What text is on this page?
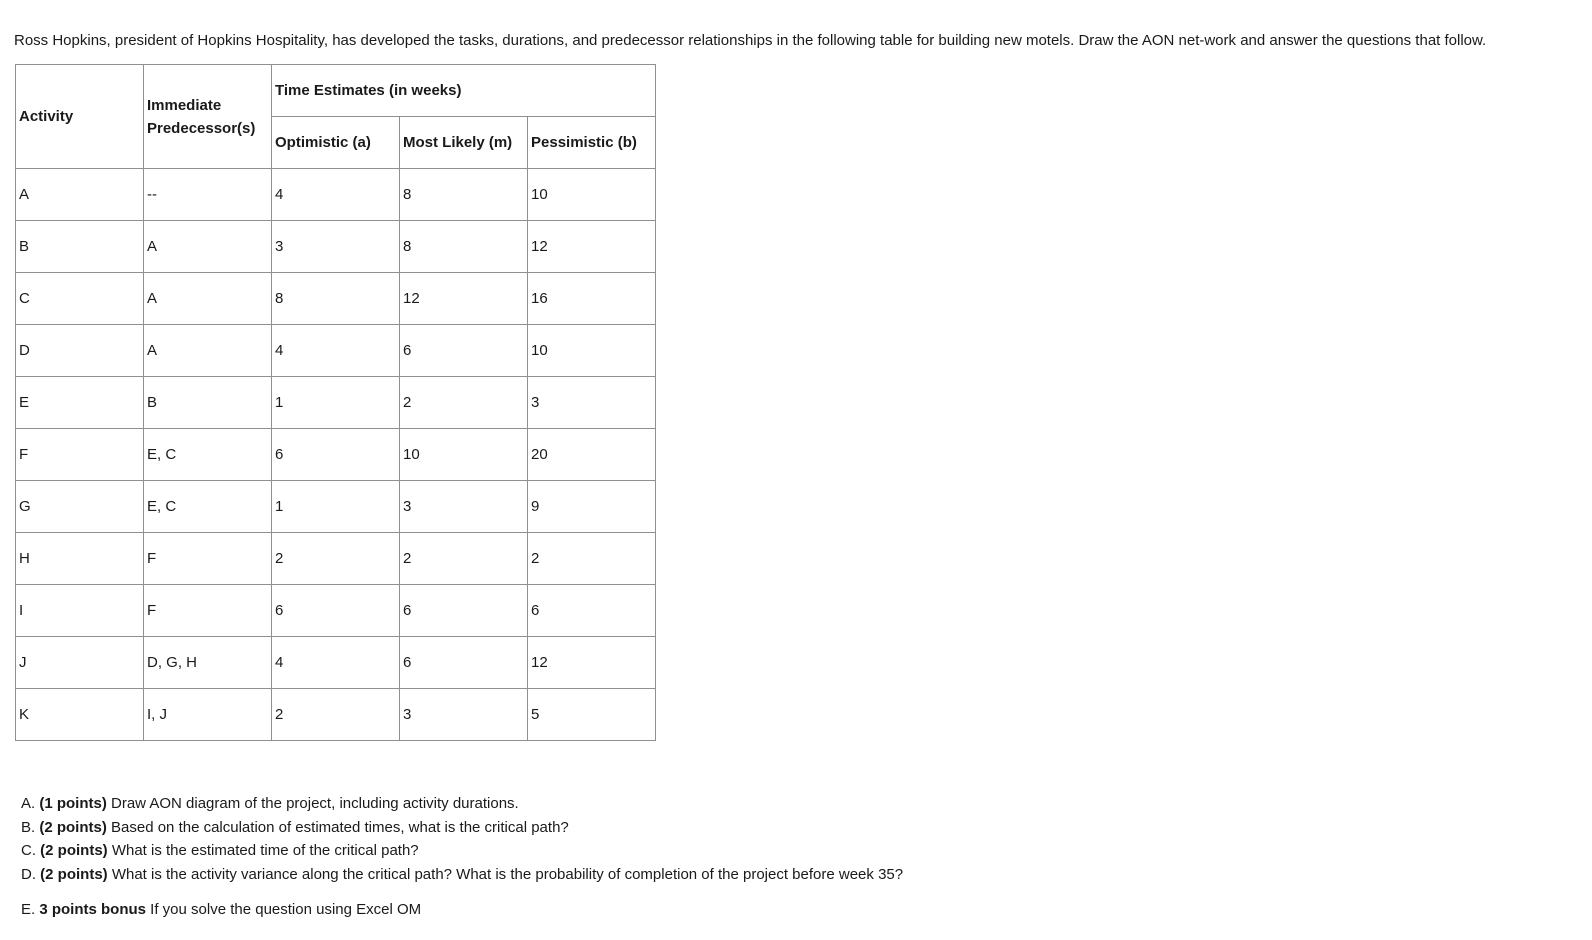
Ross Hopkins, president of Hopkins Hospitality, has developed the tasks, durations, and predecessor relationships in the following table for building new motels. Draw the AON net-work and answer the questions that follow.

Activity	Immediate Predecessor(s)	Time Estimates (in weeks)		
		Optimistic (a)	Most Likely (m)	Pessimistic (b)
A	--	4	8	10
B	A	3	8	12
C	A	8	12	16
D	A	4	6	10
E	B	1	2	3
F	E, C	6	10	20
G	E, C	1	3	9
H	F	2	2	2
I	F	6	6	6
J	D, G, H	4	6	12
K	I, J	2	3	5
A. (1 points) Draw AON diagram of the project, including activity durations.
B. (2 points) Based on the calculation of estimated times, what is the critical path?
C. (2 points) What is the estimated time of the critical path?
D. (2 points) What is the activity variance along the critical path? What is the probability of completion of the project before week 35?
E. 3 points bonus If you solve the question using Excel OM
